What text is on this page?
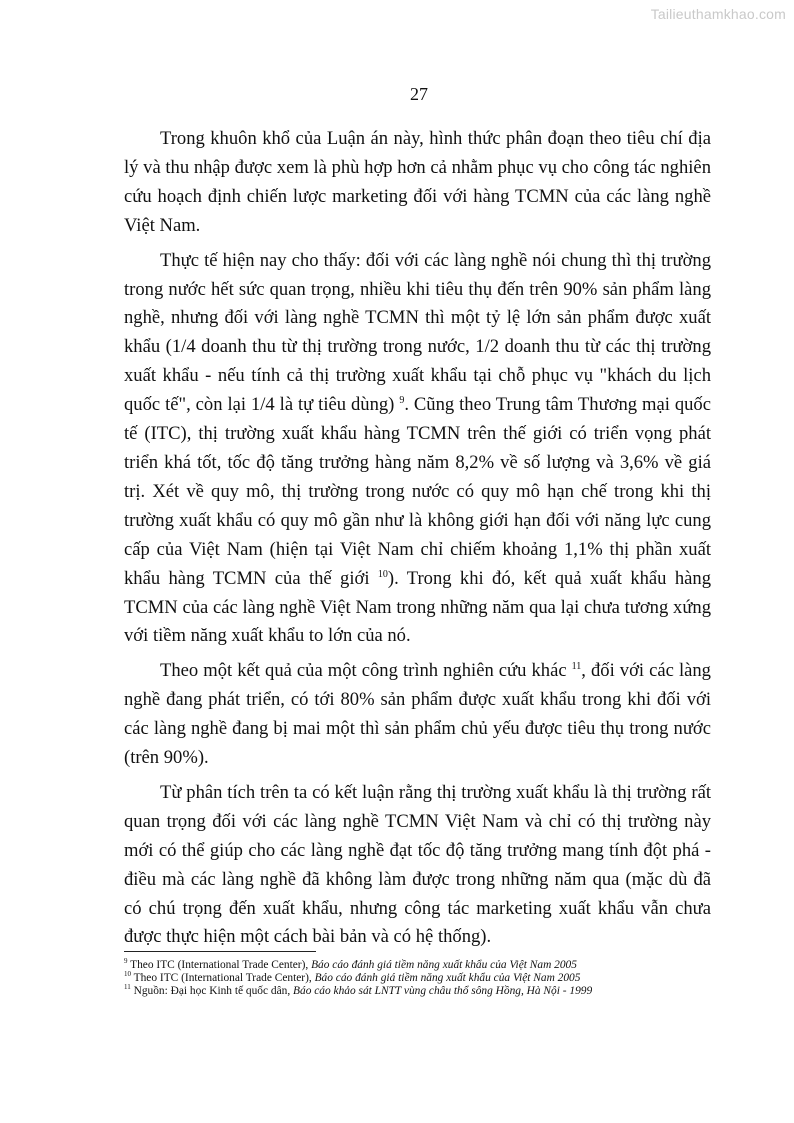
Tailieuthamkhao.com
27

Trong khuôn khổ của Luận án này, hình thức phân đoạn theo tiêu chí địa lý và thu nhập được xem là phù hợp hơn cả nhằm phục vụ cho công tác nghiên cứu hoạch định chiến lược marketing đối với hàng TCMN của các làng nghề Việt Nam.

Thực tế hiện nay cho thấy: đối với các làng nghề nói chung thì thị trường trong nước hết sức quan trọng, nhiều khi tiêu thụ đến trên 90% sản phẩm làng nghề, nhưng đối với làng nghề TCMN thì một tỷ lệ lớn sản phẩm được xuất khẩu (1/4 doanh thu từ thị trường trong nước, 1/2 doanh thu từ các thị trường xuất khẩu - nếu tính cả thị trường xuất khẩu tại chỗ phục vụ "khách du lịch quốc tế", còn lại 1/4 là tự tiêu dùng) $^9$. Cũng theo Trung tâm Thương mại quốc tế (ITC), thị trường xuất khẩu hàng TCMN trên thế giới có triển vọng phát triển khá tốt, tốc độ tăng trưởng hàng năm 8,2% về số lượng và 3,6% về giá trị. Xét về quy mô, thị trường trong nước có quy mô hạn chế trong khi thị trường xuất khẩu có quy mô gần như là không giới hạn đối với năng lực cung cấp của Việt Nam (hiện tại Việt Nam chỉ chiếm khoảng 1,1% thị phần xuất khẩu hàng TCMN của thế giới $^{10}$). Trong khi đó, kết quả xuất khẩu hàng TCMN của các làng nghề Việt Nam trong những năm qua lại chưa tương xứng với tiềm năng xuất khẩu to lớn của nó.

Theo một kết quả của một công trình nghiên cứu khác $^{11}$, đối với các làng nghề đang phát triển, có tới 80% sản phẩm được xuất khẩu trong khi đối với các làng nghề đang bị mai một thì sản phẩm chủ yếu được tiêu thụ trong nước (trên 90%).

Từ phân tích trên ta có kết luận rằng thị trường xuất khẩu là thị trường rất quan trọng đối với các làng nghề TCMN Việt Nam và chỉ có thị trường này mới có thể giúp cho các làng nghề đạt tốc độ tăng trưởng mang tính đột phá - điều mà các làng nghề đã không làm được trong những năm qua (mặc dù đã có chú trọng đến xuất khẩu, nhưng công tác marketing xuất khẩu vẫn chưa được thực hiện một cách bài bản và có hệ thống).

$^9$ Theo ITC (International Trade Center), Báo cáo đánh giá tiềm năng xuất khẩu của Việt Nam 2005
$^{10}$ Theo ITC (International Trade Center), Báo cáo đánh giá tiềm năng xuất khẩu của Việt Nam 2005
$^{11}$ Nguồn: Đại học Kinh tế quốc dân, Báo cáo khảo sát LNTT vùng châu thổ sông Hồng, Hà Nội - 1999
